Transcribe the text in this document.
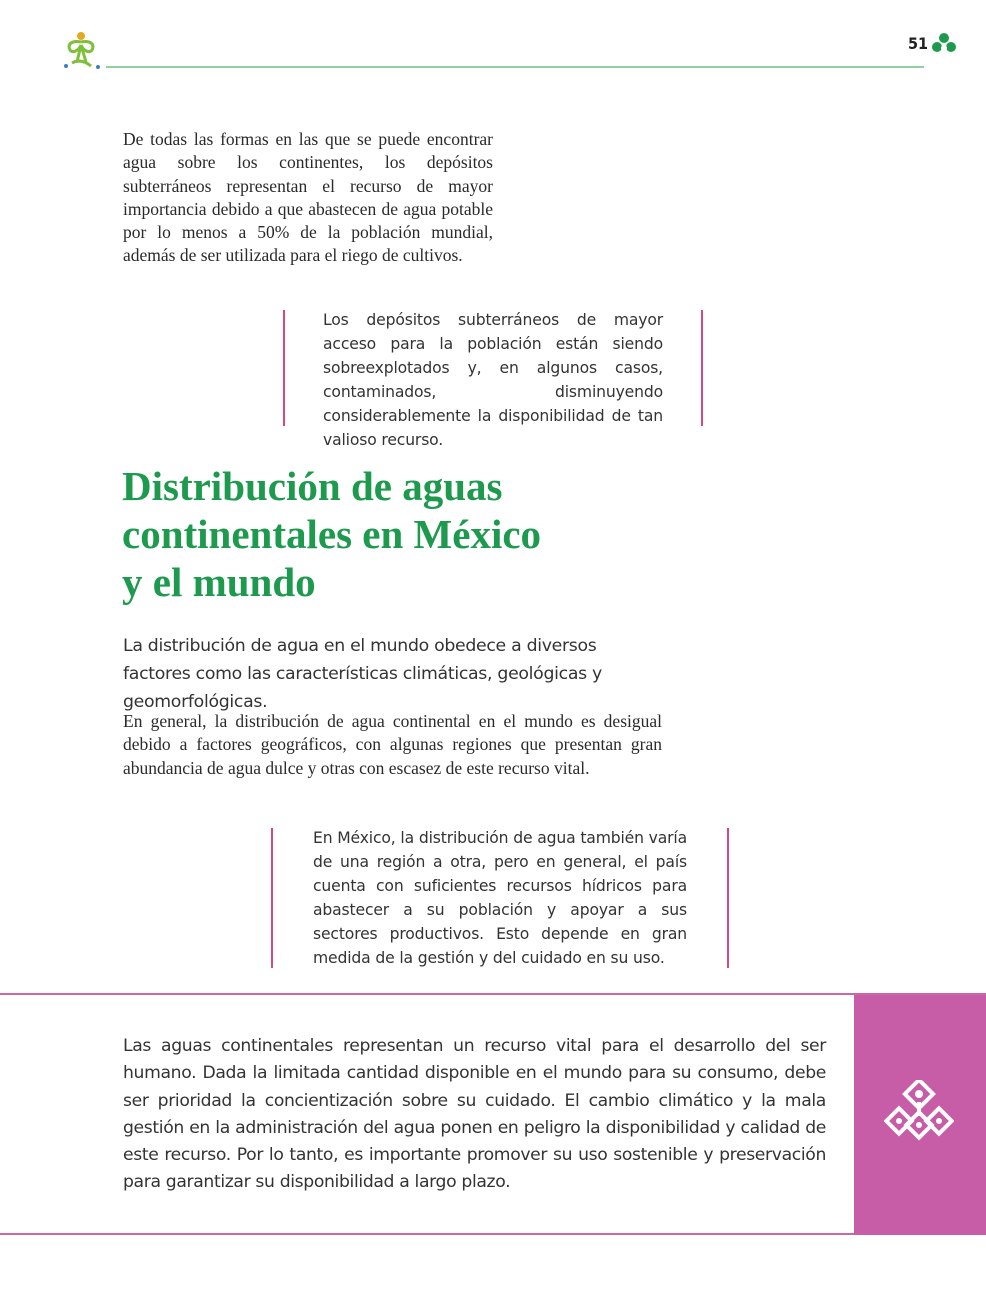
51

De todas las formas en las que se puede encontrar agua sobre los continentes, los depósitos subterráneos representan el recurso de mayor importancia debido a que abastecen de agua potable por lo menos a 50% de la población mundial, además de ser utilizada para el riego de cultivos.

Los depósitos subterráneos de mayor acceso para la población están siendo sobreexplotados y, en algunos casos, contaminados, disminuyendo considerablemente la disponibilidad de tan valioso recurso.

Distribución de aguas
continentales en México
y el mundo

La distribución de agua en el mundo obedece a diversos factores como las características climáticas, geológicas y geomorfológicas.

En general, la distribución de agua continental en el mundo es desigual debido a factores geográficos, con algunas regiones que presentan gran abundancia de agua dulce y otras con escasez de este recurso vital.

En México, la distribución de agua también varía de una región a otra, pero en general, el país cuenta con suficientes recursos hídricos para abastecer a su población y apoyar a sus sectores productivos. Esto depende en gran medida de la gestión y del cuidado en su uso.

Las aguas continentales representan un recurso vital para el desarrollo del ser humano. Dada la limitada cantidad disponible en el mundo para su consumo, debe ser prioridad la concientización sobre su cuidado. El cambio climático y la mala gestión en la administración del agua ponen en peligro la disponibilidad y calidad de este recurso. Por lo tanto, es importante promover su uso sostenible y preservación para garantizar su disponibilidad a largo plazo.
